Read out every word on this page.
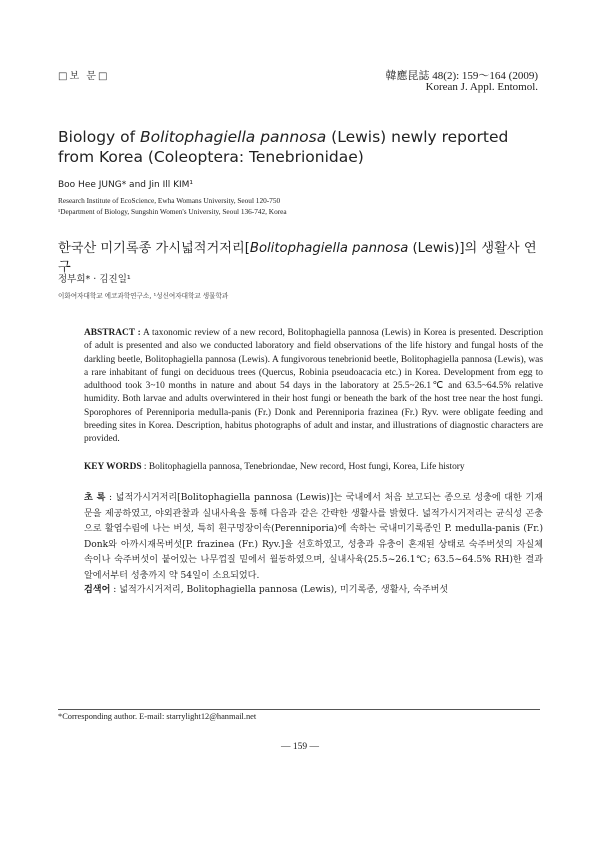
□보 문□	韓應昆誌 48(2): 159～164 (2009)
Korean J. Appl. Entomol.
Biology of Bolitophagiella pannosa (Lewis) newly reported from Korea (Coleoptera: Tenebrionidae)
Boo Hee JUNG* and Jin Ill KIM¹
Research Institute of EcoScience, Ewha Womans University, Seoul 120-750
¹Department of Biology, Sungshin Women's University, Seoul 136-742, Korea
한국산 미기록종 가시넓적거저리[Bolitophagiella pannosa (Lewis)]의 생활사 연구
정부희* · 김진일¹
이화여자대학교 에코과학연구소, ¹성신여자대학교 생물학과
ABSTRACT : A taxonomic review of a new record, Bolitophagiella pannosa (Lewis) in Korea is presented. Description of adult is presented and also we conducted laboratory and field observations of the life history and fungal hosts of the darkling beetle, Bolitophagiella pannosa (Lewis). A fungivorous tenebrionid beetle, Bolitophagiella pannosa (Lewis), was a rare inhabitant of fungi on deciduous trees (Quercus, Robinia pseudoacacia etc.) in Korea. Development from egg to adulthood took 3~10 months in nature and about 54 days in the laboratory at 25.5~26.1℃ and 63.5~64.5% relative humidity. Both larvae and adults overwintered in their host fungi or beneath the bark of the host tree near the host fungi. Sporophores of Perenniporia medulla-panis (Fr.) Donk and Perenniporia frazinea (Fr.) Ryv. were obligate feeding and breeding sites in Korea. Description, habitus photographs of adult and instar, and illustrations of diagnostic characters are provided.
KEY WORDS : Bolitophagiella pannosa, Tenebriondae, New record, Host fungi, Korea, Life history
초 록 : 넓적가시거저리[Bolitophagiella pannosa (Lewis)]는 국내에서 처음 보고되는 종으로 성충에 대한 기재문을 제공하였고, 야외관찰과 실내사육을 통해 다음과 같은 간략한 생활사를 밝혔다. 넓적가시거저리는 균식성 곤충으로 활엽수림에 나는 버섯, 특히 흰구멍장이속(Perenniporia)에 속하는 국내미기록종인 P. medulla-panis (Fr.) Donk와 아까시재목버섯[P. frazinea (Fr.) Ryv.]을 선호하였고, 성충과 유충이 혼재된 상태로 숙주버섯의 자실체 속이나 숙주버섯이 붙어있는 나무껍질 밑에서 월동하였으며, 실내사육(25.5~26.1℃; 63.5~64.5% RH)한 결과 알에서부터 성충까지 약 54일이 소요되었다.
검색어 : 넓적가시거저리, Bolitophagiella pannosa (Lewis), 미기록종, 생활사, 숙주버섯
*Corresponding author. E-mail: starrylight12@hanmail.net
— 159 —
